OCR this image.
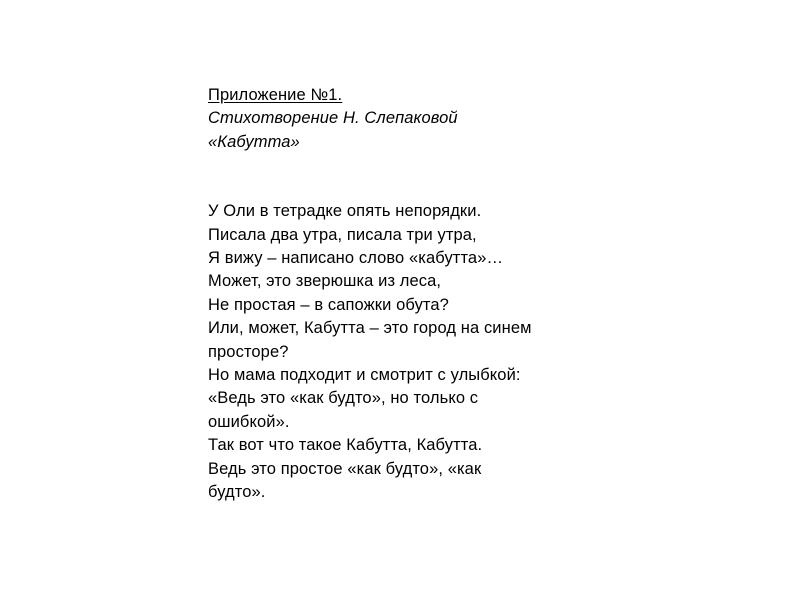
Приложение №1.
Стихотворение Н. Слепаковой
«Кабутта»
У Оли в тетрадке опять непорядки.
Писала два утра, писала три утра,
Я вижу – написано слово «кабутта»…
Может, это зверюшка из леса,
Не простая – в сапожки обута?
Или, может, Кабутта – это город на синем
просторе?
Но мама подходит и смотрит с улыбкой:
«Ведь это «как будто», но только с
ошибкой».
Так вот что такое Кабутта, Кабутта.
Ведь это простое «как будто», «как
будто».
